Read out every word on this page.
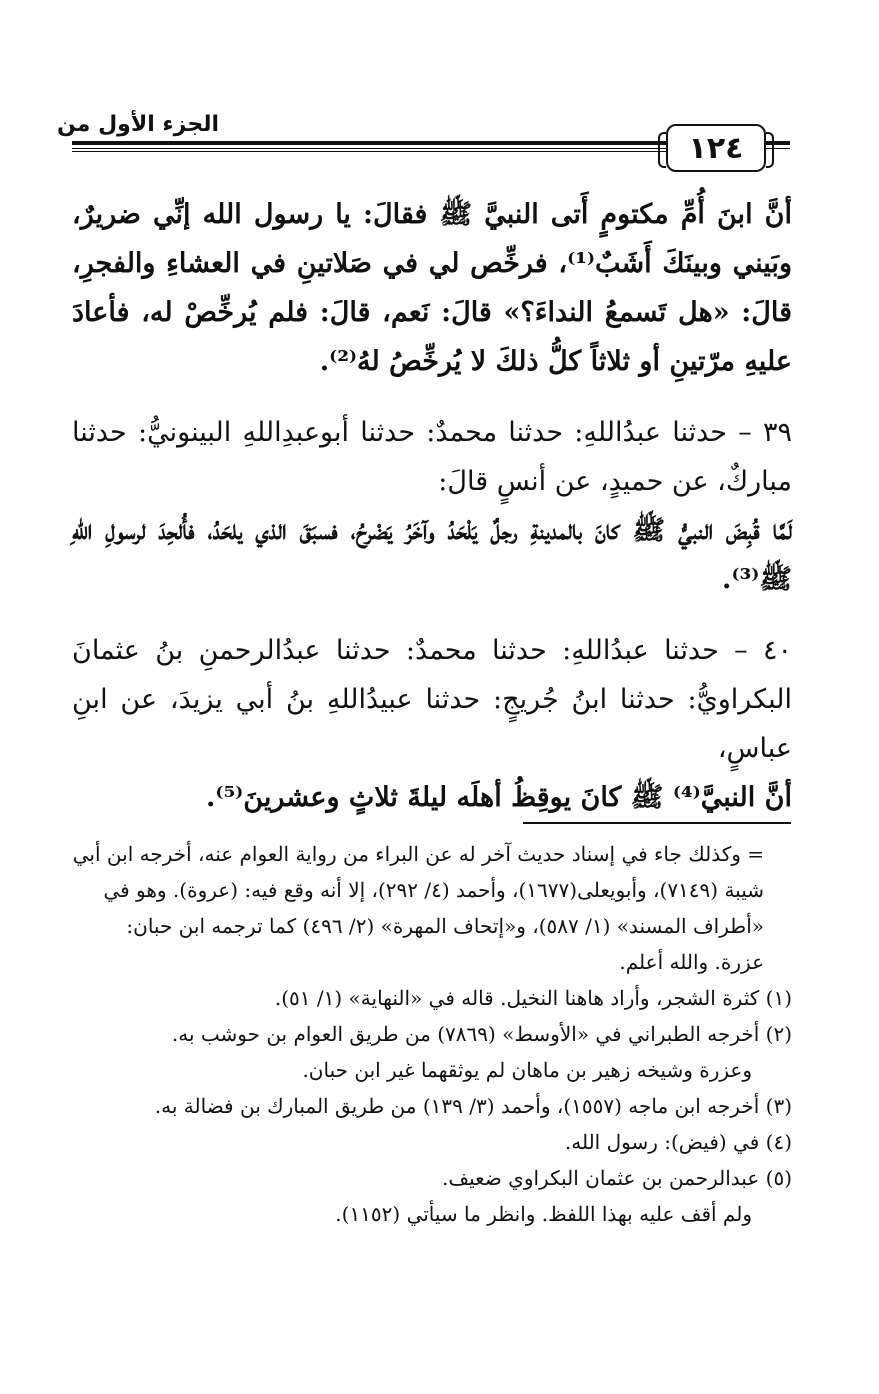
الجزء الأول من
١٢٤

أنَّ ابنَ أُمِّ مكتومٍ أَتى النبيَّ ﷺ فقالَ: يا رسول الله إنِّي ضريرٌ، وبَيني وبينَكَ أَشَبٌ⁽¹⁾، فرخِّص لي في صَلاتينِ في العشاءِ والفجرِ، قالَ: «هل تَسمعُ النداءَ؟» قالَ: نَعم، قالَ: فلم يُرخِّصْ له، فأعادَ عليهِ مرّتينِ أو ثلاثاً كلُّ ذلكَ لا يُرخِّصُ لهُ⁽²⁾.

٣٩ – حدثنا عبدُاللهِ: حدثنا محمدٌ: حدثنا أبوعبدِاللهِ البينونيُّ: حدثنا مباركٌ، عن حميدٍ، عن أنسٍ قالَ:

لَمَّا قُبِضَ النبيُّ ﷺ كانَ بالمدينةِ رجلٌ يَلْحَدُ وآخَرُ يَضْرحُ، فسبَقَ الذي يلحَدُ، فأُلحِدَ لرسولِ اللهِ ﷺ⁽³⁾.

٤٠ – حدثنا عبدُاللهِ: حدثنا محمدٌ: حدثنا عبدُالرحمنِ بنُ عثمانَ البكراويُّ: حدثنا ابنُ جُريجٍ: حدثنا عبيدُاللهِ بنُ أبي يزيدَ، عن ابنِ عباسٍ،

أنَّ النبيَّ⁽⁴⁾ ﷺ كانَ يوقِظُ أهلَه ليلةَ ثلاثٍ وعشرينَ⁽⁵⁾.

= وكذلك جاء في إسناد حديث آخر له عن البراء من رواية العوام عنه، أخرجه ابن أبي شيبة (٧١٤٩)، وأبويعلى(١٦٧٧)، وأحمد (٤/ ٢٩٢)، إلا أنه وقع فيه: (عروة). وهو في «أطراف المسند» (١/ ٥٨٧)، و«إتحاف المهرة» (٢/ ٤٩٦) كما ترجمه ابن حبان: عزرة. والله أعلم.

(١) كثرة الشجر، وأراد هاهنا النخيل. قاله في «النهاية» (١/ ٥١).

(٢) أخرجه الطبراني في «الأوسط» (٧٨٦٩) من طريق العوام بن حوشب به.

وعزرة وشيخه زهير بن ماهان لم يوثقهما غير ابن حبان.

(٣) أخرجه ابن ماجه (١٥٥٧)، وأحمد (٣/ ١٣٩) من طريق المبارك بن فضالة به.

(٤) في (فيض): رسول الله.

(٥) عبدالرحمن بن عثمان البكراوي ضعيف.

ولم أقف عليه بهذا اللفظ. وانظر ما سيأتي (١١٥٢).
